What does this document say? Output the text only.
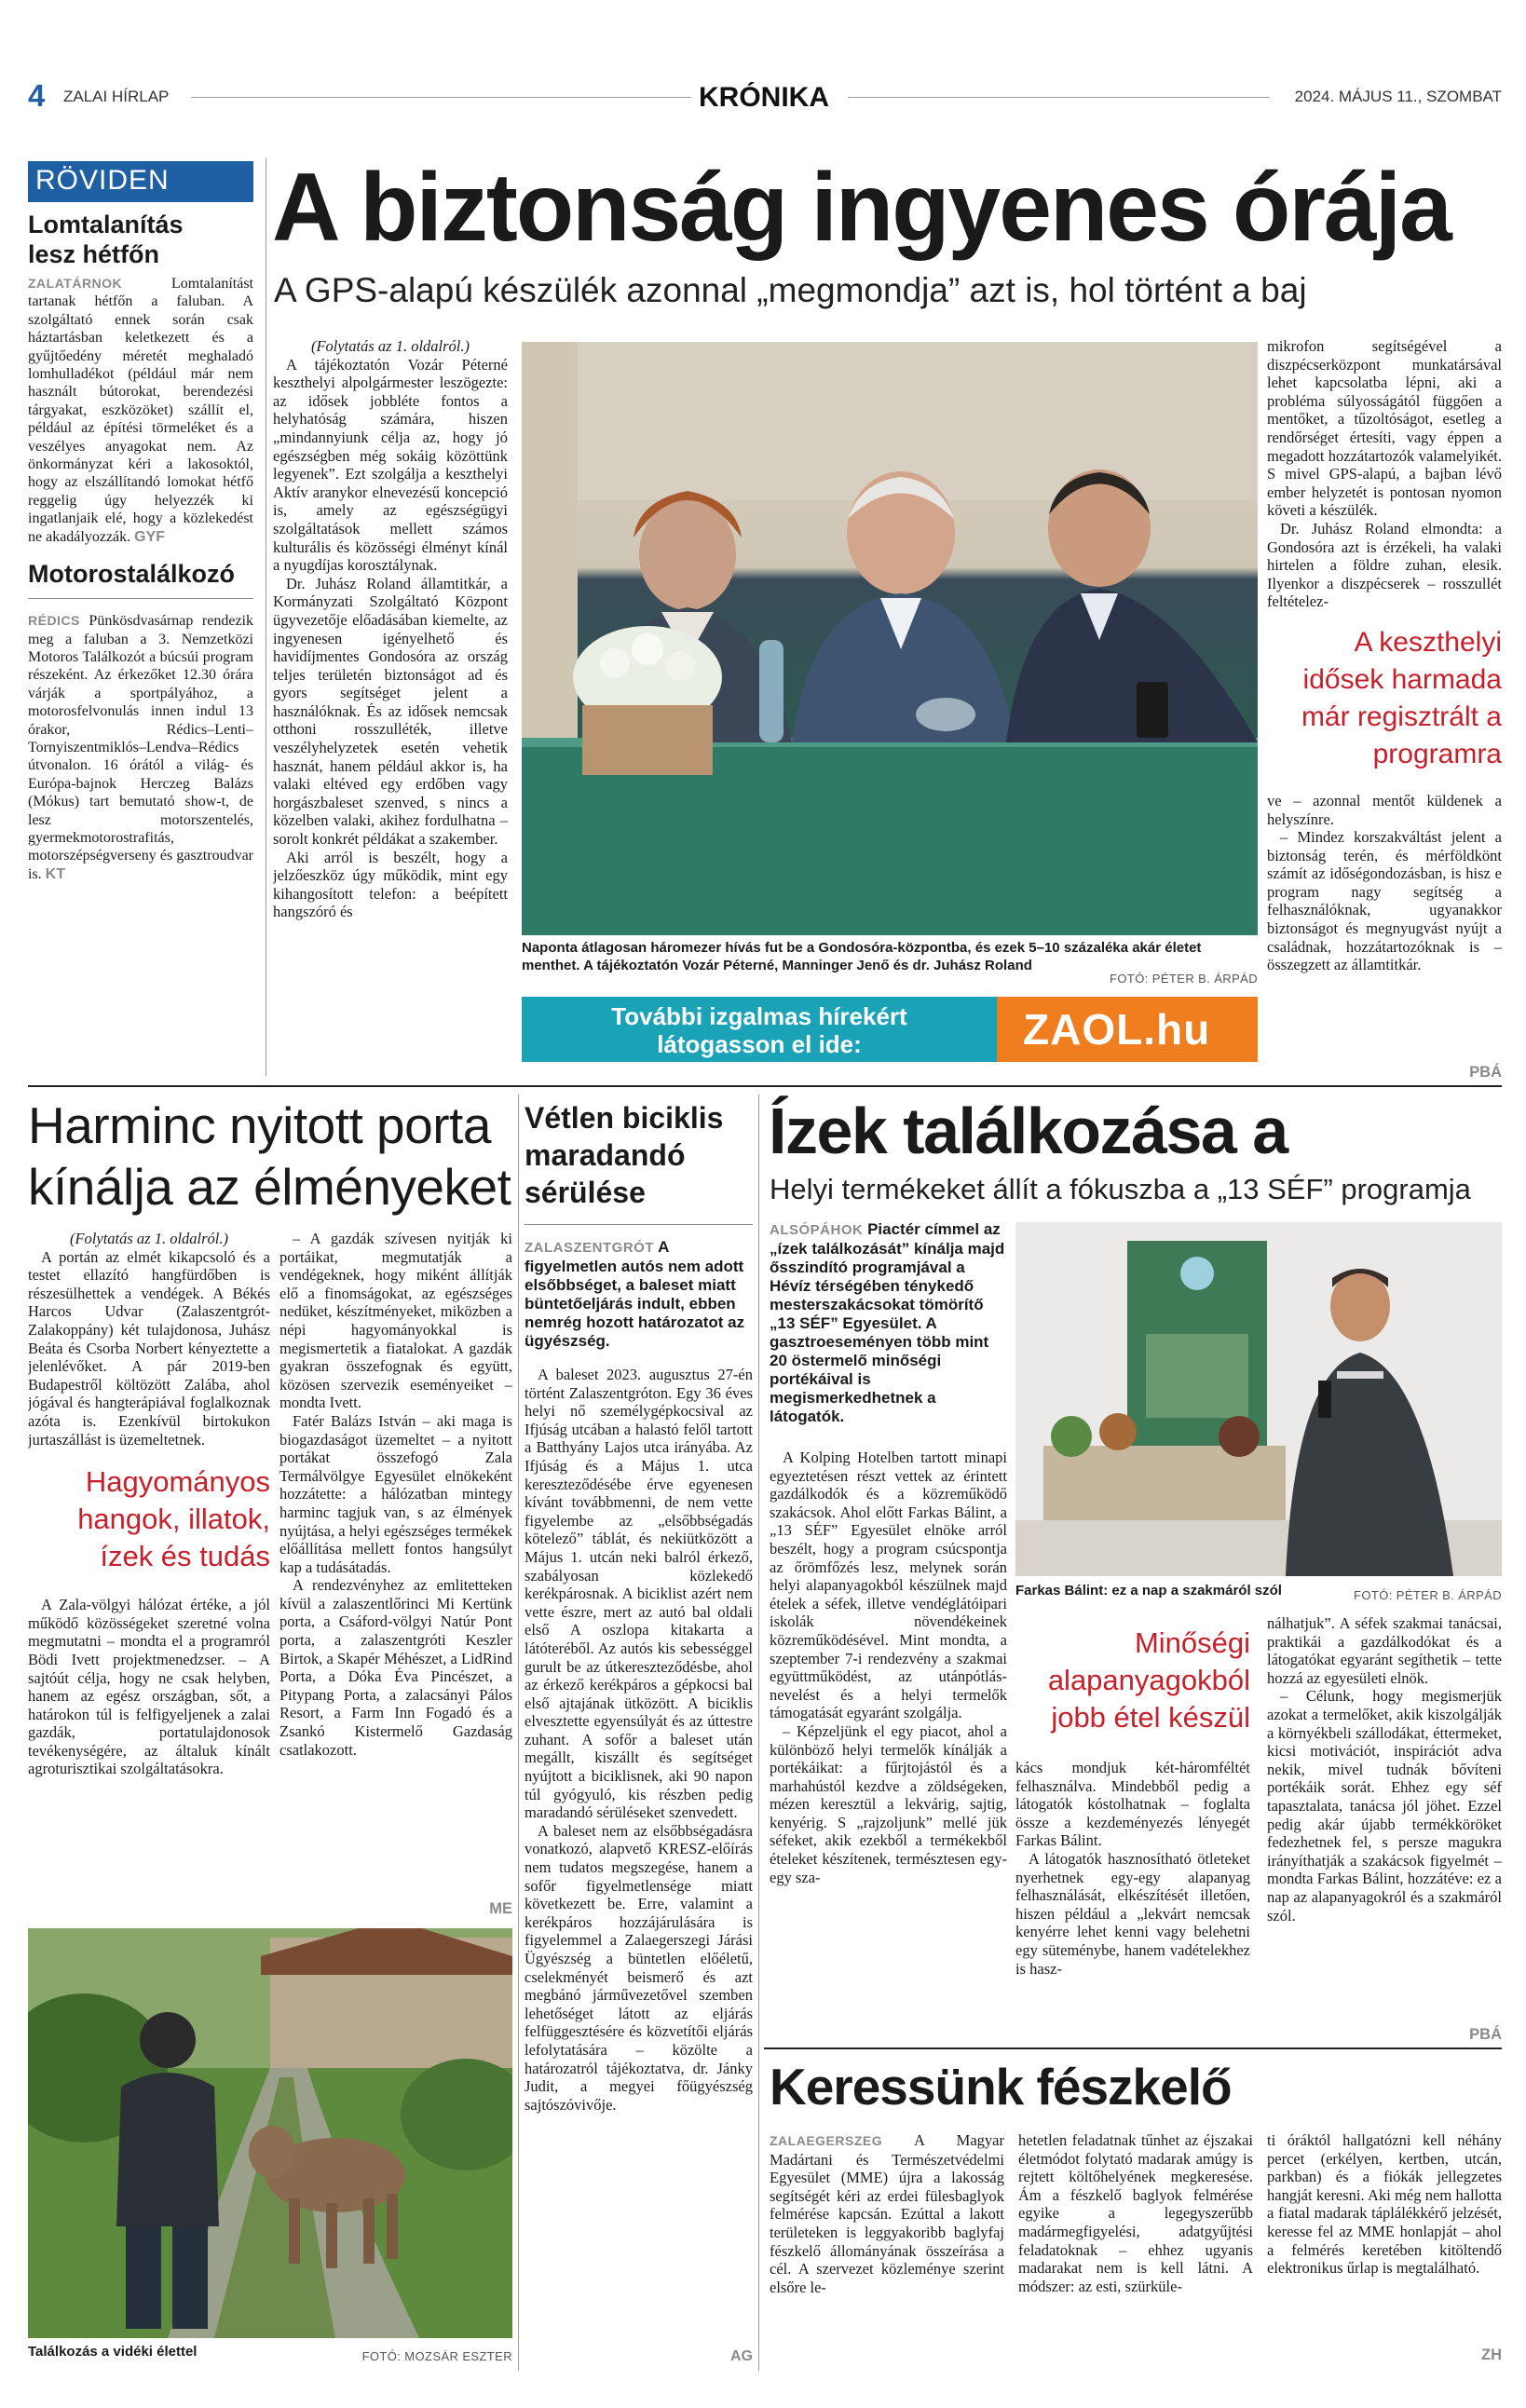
4 ZALAI HÍRLAP	KRÓNIKA	2024. MÁJUS 11., SZOMBAT
RÖVIDEN
Lomtalanítás lesz hétfőn
ZALATÁRNOK	Lomtalanítást tartanak hétfőn a faluban. A szolgáltató ennek során csak háztartásban keletkezett és a gyűjtőedény méretét meghaladó lomhulladékot (például már nem használt bútorokat, berendezési tárgyakat, eszközöket) szállít el, például az építési törmeléket és a veszélyes anyagokat nem. Az önkormányzat kéri a lakosoktól, hogy az elszállítandó lomokat hétfő reggelig úgy helyezzék ki ingatlanjaik elé, hogy a közlekedést ne akadályozzák. GYF
Motorostalálkozó
RÉDICS Pünkösdvasárnap rendezik meg a faluban a 3. Nemzetközi Motoros Találkozót a búcsúi program részeként. Az érkezőket 12.30 órára várják a sportpályához, a motorosfelvonulás innen indul 13 órakor, Rédics–Lenti–Tornyiszentmiklós–Lendva–Rédics útvonalon. 16 órától a világ- és Európa-bajnok Herczeg Balázs (Mókus) tart bemutató show-t, de lesz motorszentelés, gyermekmotorostrafitás, motorszépségverseny és gasztroudvar is. KT
A biztonság ingyenes órája
A GPS-alapú készülék azonnal „megmondja” azt is, hol történt a baj

(Folytatás az 1. oldalról.)

A tájékoztatón Vozár Péterné keszthelyi alpolgármester leszögezte: az idősek jobbléte fontos a helyhatóság számára, hiszen „mindannyiunk célja az, hogy jó egészségben még sokáig közöttünk legyenek”. Ezt szolgálja a keszthelyi Aktív aranykor elnevezésű koncepció is, amely az egészségügyi szolgáltatások mellett számos kulturális és közösségi élményt kínál a nyugdíjas korosztálynak.

Dr. Juhász Roland államtitkár, a Kormányzati Szolgáltató Központ ügyvezetője előadásában kiemelte, az ingyenesen igényelhető és havidíjmentes Gondosóra az ország teljes területén biztonságot ad és gyors segítséget jelent a használóknak. És az idősek nemcsak otthoni rosszulléték, illetve veszélyhelyzetek esetén vehetik hasznát, hanem például akkor is, ha valaki eltéved egy erdőben vagy horgászbaleset szenved, s nincs a közelben valaki, akihez fordulhatna – sorolt konkrét példákat a szakember.

Aki arról is beszélt, hogy a jelzőeszköz úgy működik, mint egy kihangosított telefon: a beépített hangszóró és

Naponta átlagosan háromezer hívás fut be a Gondosóra-központba, és ezek 5–10 százaléka akár életet menthet. A tájékoztatón Vozár Péterné, Manninger Jenő és dr. Juhász Roland
FOTÓ: PÉTER B. ÁRPÁD
További izgalmas hírekért
látogasson el ide:	ZAOL.hu

mikrofon segítségével a diszpécserközpont munkatársával lehet kapcsolatba lépni, aki a probléma súlyosságától függően a mentőket, a tűzoltóságot, esetleg a rendőrséget értesíti, vagy éppen a megadott hozzátartozók valamelyikét. S mivel GPS-alapú, a bajban lévő ember helyzetét is pontosan nyomon követi a készülék.

Dr. Juhász Roland elmondta: a Gondosóra azt is érzékeli, ha valaki hirtelen a földre zuhan, elesik. Ilyenkor a diszpécserek – rosszullét feltételez-

A keszthelyi idősek harmada már regisztrált a programra

ve – azonnal mentőt küldenek a helyszínre.

– Mindez korszakváltást jelent a biztonság terén, és mérföldkönt számít az időségondozásban, is hisz e program nagy segítség a felhasználóknak, ugyanakkor biztonságot és megnyugvást nyújt a családnak, hozzátartozóknak is – összegzett az államtitkár.

PBÁ
Harminc nyitott porta kínálja az élményeket

(Folytatás az 1. oldalról.)

A portán az elmét kikapcsoló és a testet ellazító hangfürdőben is részesülhettek a vendégek. A Békés Harcos Udvar (Zalaszentgrót-Zalakoppány) két tulajdonosa, Juhász Beáta és Csorba Norbert kényeztette a jelenlévőket. A pár 2019-ben Budapestről költözött Zalába, ahol jógával és hangterápiával foglalkoznak azóta is. Ezenkívül birtokukon jurtaszállást is üzemeltetnek.

Hagyományos hangok, illatok, ízek és tudás

A Zala-völgyi hálózat értéke, a jól működő közösségeket szeretné volna megmutatni – mondta el a programról Bödi Ivett projektmenedzser. – A sajtóút célja, hogy ne csak helyben, hanem az egész országban, sőt, a határokon túl is felfigyeljenek a zalai gazdák, portatulajdonosok tevékenységére, az általuk kínált agroturisztikai szolgáltatásokra.

– A gazdák szívesen nyitják ki portáikat, megmutatják a vendégeknek, hogy miként állítják elő a finomságokat, az egészséges nedüket, készítményeket, miközben a népi hagyományokkal is megismertetik a fiatalokat. A gazdák gyakran összefognak és együtt, közösen szervezik eseményeiket – mondta Ivett.

Fatér Balázs István – aki maga is biogazdaságot üzemeltet – a nyitott portákat összefogó Zala Termálvölgye Egyesület elnökeként hozzátette: a hálózatban mintegy harminc tagjuk van, s az élmények nyújtása, a helyi egészséges termékek előállítása mellett fontos hangsúlyt kap a tudásátadás.

A rendezvényhez az emlitetteken kívül a zalaszentlőrinci Mi Kertünk porta, a Csáford-völgyi Natúr Pont porta, a zalaszentgróti Keszler Birtok, a Skapér Méhészet, a LidRind Porta, a Dóka Éva Pincészet, a Pitypang Porta, a zalacsányi Pálos Resort, a Farm Inn Fogadó és a Zsankó Kistermelő Gazdaság csatlakozott.

ME
Találkozás a vidéki élettel	FOTÓ: MOZSÁR ESZTER
Vétlen biciklis maradandó sérülése
ZALASZENTGRÓT A figyelmetlen autós nem adott elsőbbséget, a baleset miatt büntetőeljárás indult, ebben nemrég hozott határozatot az ügyészség.

A baleset 2023. augusztus 27-én történt Zalaszentgróton. Egy 36 éves helyi nő személygépkocsival az Ifjúság utcában a halastó felől tartott a Batthyány Lajos utca irányába. Az Ifjúság és a Május 1. utca kereszteződésébe érve egyenesen kívánt továbbmenni, de nem vette figyelembe az „elsőbbségadás kötelező” táblát, és nekiütközött a Május 1. utcán neki balról érkező, szabályosan közlekedő kerékpárosnak. A biciklist azért nem vette észre, mert az autó bal oldali első A oszlopa kitakarta a látóteréből. Az autós kis sebességgel gurult be az útkereszteződésbe, ahol az érkező kerékpáros a gépkocsi bal első ajtajának ütközött. A biciklis elvesztette egyensúlyát és az úttestre zuhant. A sofőr a baleset után megállt, kiszállt és segítséget nyújtott a biciklisnek, aki 90 napon túl gyógyuló, kis részben pedig maradandó sérüléseket szenvedett.

A baleset nem az elsőbbségadásra vonatkozó, alapvető KRESZ-előírás nem tudatos megszegése, hanem a sofőr figyelmetlensége miatt következett be. Erre, valamint a kerékpáros hozzájárulására is figyelemmel a Zalaegerszegi Járási Ügyészség a büntetlen előéletű, cselekményét beismerő és azt megbánó járművezetővel szemben lehetőséget látott az eljárás felfüggesztésére és közvetítői eljárás lefolytatására – közölte a határozatról tájékoztatva, dr. Jánky Judit, a megyei főügyészség sajtószóvivője.

AG
Ízek találkozása a
Helyi termékeket állít a fókuszba a „13 SÉF” programja
ALSÓPÁHOK Piactér címmel az „ízek találkozását” kínálja majd ősszindító programjával a Hévíz térségében ténykedő mesterszakácsokat tömörítő „13 SÉF” Egyesület. A gasztroeseményen több mint 20 östermelő minőségi portékáival is megismerkedhetnek a látogatók.
Farkas Bálint: ez a nap a szakmáról szól	FOTÓ: PÉTER B. ÁRPÁD

A Kolping Hotelben tartott minapi egyeztetésen részt vettek az érintett gazdálkodók és a közreműködő szakácsok. Ahol előtt Farkas Bálint, a „13 SÉF” Egyesület elnöke arról beszélt, hogy a program csúcspontja az őrömfőzés lesz, melynek során helyi alapanyagokból készülnek majd ételek a séfek, illetve vendéglátóipari iskolák növendékeinek közreműködésével. Mint mondta, a szeptember 7-i rendezvény a szakmai együttműködést, az utánpótlás-nevelést és a helyi termelők támogatását egyaránt szolgálja.

– Képzeljünk el egy piacot, ahol a különböző helyi termelők kínálják a portékáikat: a fűrjtojástól és a marhahústól kezdve a zöldségeken, mézen keresztül a lekvárig, sajtig, kenyérig. S „rajzoljunk” mellé jük séfeket, akik ezekből a termékekből ételeket készítenek, természtesen egy-egy sza-

Minőségi alapanyagokból jobb étel készül

kács mondjuk két-háromféltét felhasználva. Mindebből pedig a látogatók kóstolhatnak – foglalta össze a kezdeményezés lényegét Farkas Bálint.

A látogatók hasznosítható ötleteket nyerhetnek egy-egy alapanyag felhasználását, elkészítését illetően, hiszen például a „lekvárt nemcsak kenyérre lehet kenni vagy belehetni egy süteménybe, hanem vadételekhez is hasz-

nálhatjuk”. A séfek szakmai tanácsai, praktikái a gazdálkodókat és a látogatókat egyaránt segíthetik – tette hozzá az egyesületi elnök.

– Célunk, hogy megismerjük azokat a termelőket, akik kiszolgálják a környékbeli szállodákat, éttermeket, kicsi motivációt, inspirációt adva nekik, mivel tudnák bővíteni portékáik sorát. Ehhez egy séf tapasztalata, tanácsa jól jöhet. Ezzel pedig akár újabb termékköröket fedezhetnek fel, s persze magukra irányíthatják a szakácsok figyelmét – mondta Farkas Bálint, hozzátéve: ez a nap az alapanyagokról és a szakmáról szól.

PBÁ
Keressünk fészkelő
ZALAEGERSZEG A Magyar Madártani és Természetvédelmi Egyesület (MME) újra a lakosság segítségét kéri az erdei fülesbaglyok felmérése kapcsán. Ezúttal a lakott területeken is leggyakoribb baglyfaj fészkelő állományának összeírása a cél. A szervezet közleménye szerint elsőre le-

hetetlen feladatnak tűnhet az éjszakai életmódot folytató madarak amúgy is rejtett költőhelyének megkeresése. Ám a fészkelő baglyok felmérése egyike a legegyszerűbb madármegfigyelési, adatgyűjtési feladatoknak – ehhez ugyanis madarakat nem is kell látni. A módszer: az esti, szürküle-

ti óráktól hallgatózni kell néhány percet (erkélyen, kertben, utcán, parkban) és a fiókák jellegzetes hangját keresni. Aki még nem hallotta a fiatal madarak táplálékkérő jelzését, keresse fel az MME honlapját – ahol a felmérés keretében kitöltendő elektronikus űrlap is megtalálható.

ZH
